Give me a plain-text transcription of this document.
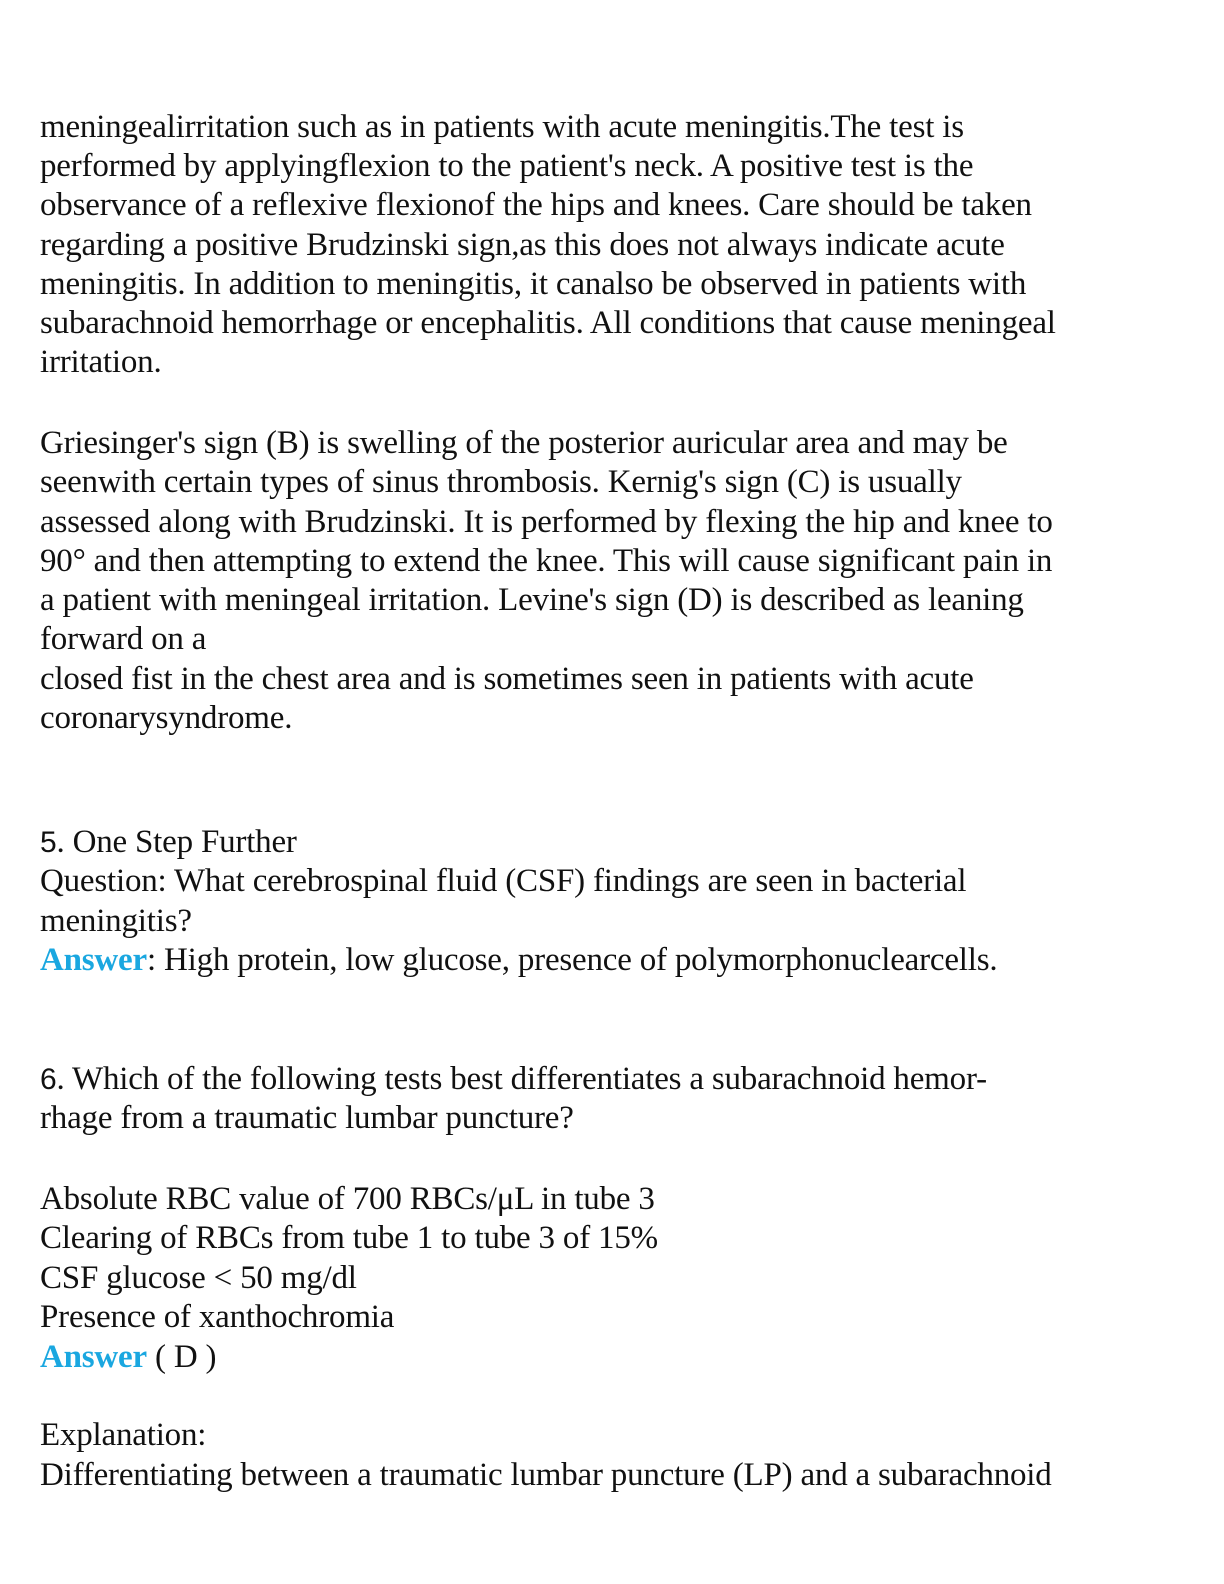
meningealirritation such as in patients with acute meningitis.The test is
performed by applyingflexion to the patient's neck. A positive test is the
observance of a reflexive flexionof the hips and knees. Care should be taken
regarding a positive Brudzinski sign,as this does not always indicate acute
meningitis. In addition to meningitis, it canalso be observed in patients with
subarachnoid hemorrhage or encephalitis. All conditions that cause meningeal
irritation.
Griesinger's sign (B) is swelling of the posterior auricular area and may be
seenwith certain types of sinus thrombosis. Kernig's sign (C) is usually
assessed along with Brudzinski. It is performed by flexing the hip and knee to
90° and then attempting to extend the knee. This will cause significant pain in
a patient with meningeal irritation. Levine's sign (D) is described as leaning
forward on a
closed fist in the chest area and is sometimes seen in patients with acute
coronarysyndrome.
5. One Step Further
Question: What cerebrospinal fluid (CSF) findings are seen in bacterial
meningitis?
Answer: High protein, low glucose, presence of polymorphonuclearcells.
6. Which of the following tests best differentiates a subarachnoid hemor-
rhage from a traumatic lumbar puncture?
Absolute RBC value of 700 RBCs/μL in tube 3
Clearing of RBCs from tube 1 to tube 3 of 15%
CSF glucose < 50 mg/dl
Presence of xanthochromia
Answer ( D )
Explanation:
Differentiating between a traumatic lumbar puncture (LP) and a subarachnoid
